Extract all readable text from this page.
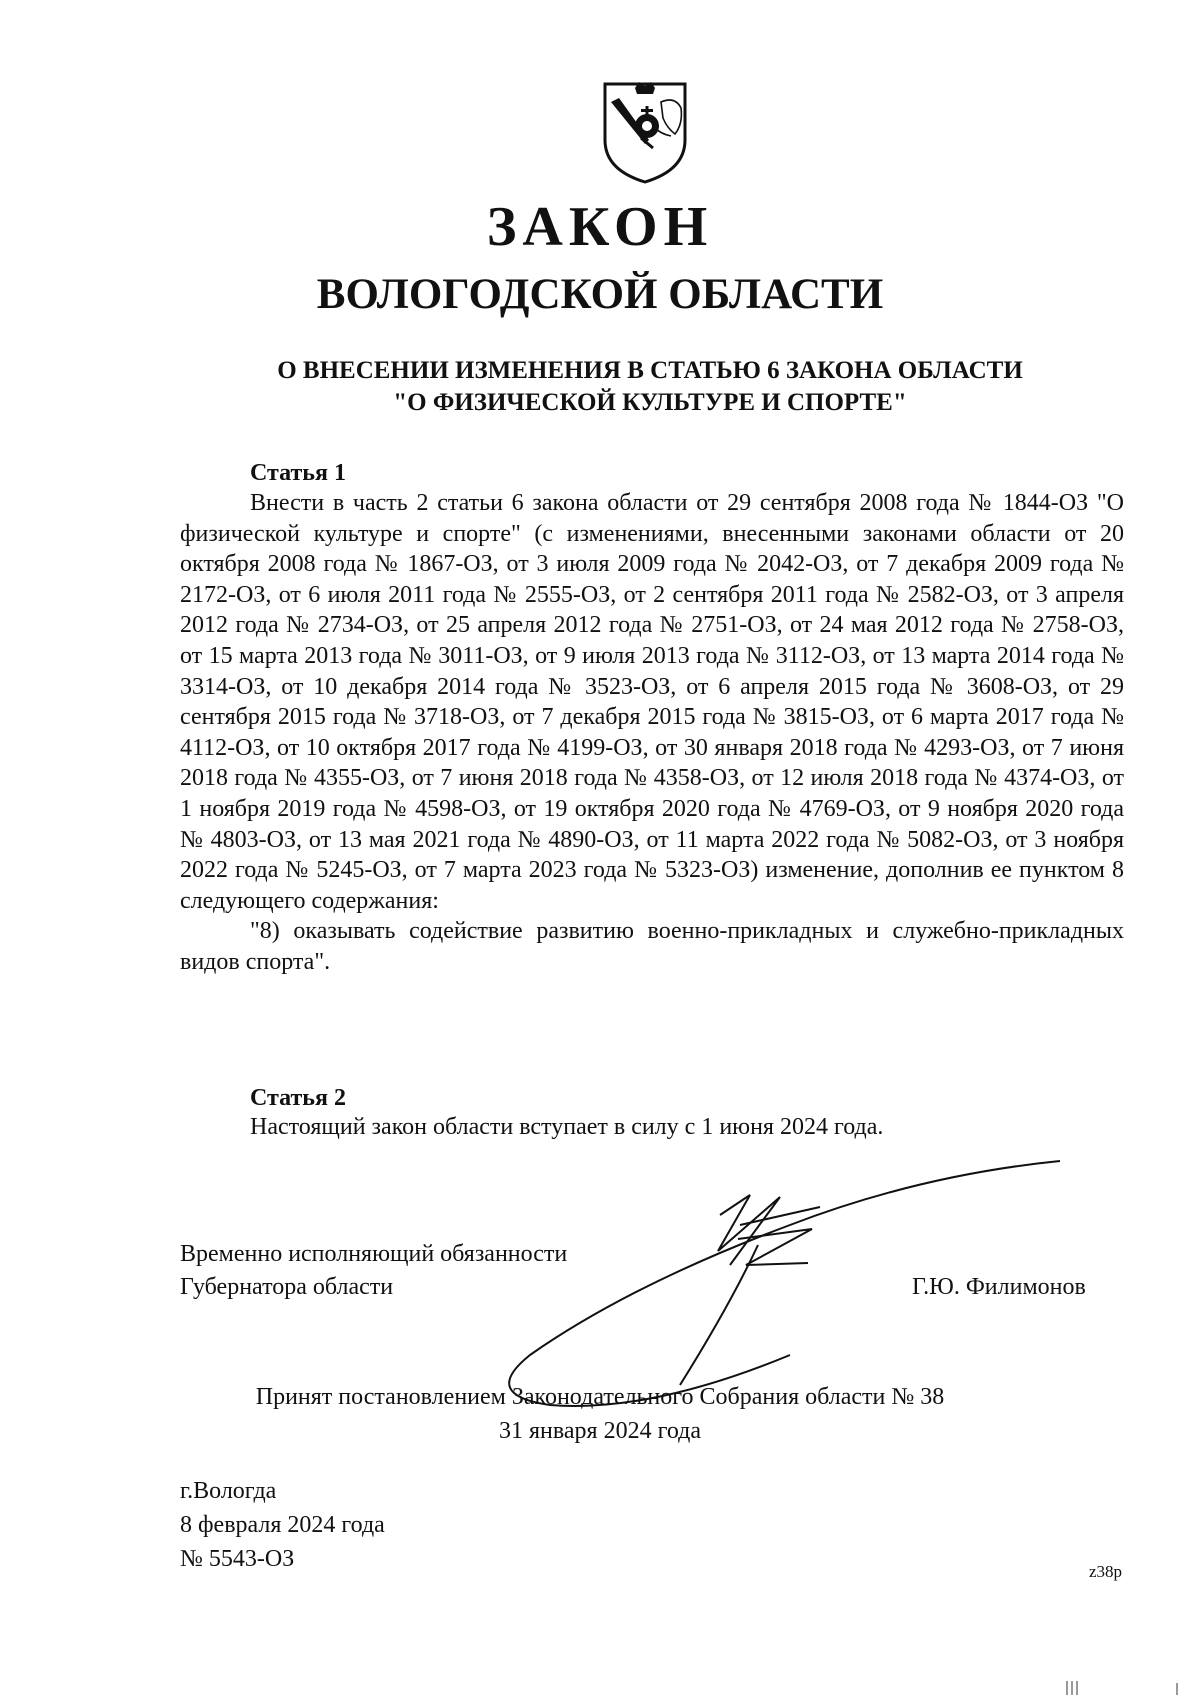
ЗАКОН
ВОЛОГОДСКОЙ ОБЛАСТИ
О ВНЕСЕНИИ ИЗМЕНЕНИЯ В СТАТЬЮ 6 ЗАКОНА ОБЛАСТИ
"О ФИЗИЧЕСКОЙ КУЛЬТУРЕ И СПОРТЕ"
Статья 1

Внести в часть 2 статьи 6 закона области от 29 сентября 2008 года № 1844-ОЗ "О физической культуре и спорте" (с изменениями, внесенными законами области от 20 октября 2008 года № 1867-ОЗ, от 3 июля 2009 года № 2042-ОЗ, от 7 декабря 2009 года № 2172-ОЗ, от 6 июля 2011 года № 2555-ОЗ, от 2 сентября 2011 года № 2582-ОЗ, от 3 апреля 2012 года № 2734-ОЗ, от 25 апреля 2012 года № 2751-ОЗ, от 24 мая 2012 года № 2758-ОЗ, от 15 марта 2013 года № 3011-ОЗ, от 9 июля 2013 года № 3112-ОЗ, от 13 марта 2014 года № 3314-ОЗ, от 10 декабря 2014 года № 3523-ОЗ, от 6 апреля 2015 года № 3608-ОЗ, от 29 сентября 2015 года № 3718-ОЗ, от 7 декабря 2015 года № 3815-ОЗ, от 6 марта 2017 года № 4112-ОЗ, от 10 октября 2017 года № 4199-ОЗ, от 30 января 2018 года № 4293-ОЗ, от 7 июня 2018 года № 4355-ОЗ, от 7 июня 2018 года № 4358-ОЗ, от 12 июля 2018 года № 4374-ОЗ, от 1 ноября 2019 года № 4598-ОЗ, от 19 октября 2020 года № 4769-ОЗ, от 9 ноября 2020 года № 4803-ОЗ, от 13 мая 2021 года № 4890-ОЗ, от 11 марта 2022 года № 5082-ОЗ, от 3 ноября 2022 года № 5245-ОЗ, от 7 марта 2023 года № 5323-ОЗ) изменение, дополнив ее пунктом 8 следующего содержания:

"8) оказывать содействие развитию военно-прикладных и служебно-прикладных видов спорта".

Статья 2

Настоящий закон области вступает в силу с 1 июня 2024 года.

Временно исполняющий обязанности
Губернатора области	Г.Ю. Филимонов
Принят постановлением Законодательного Собрания области № 38
31 января 2024 года
г.Вологда
8 февраля 2024 года
№ 5543-ОЗ	z38p
